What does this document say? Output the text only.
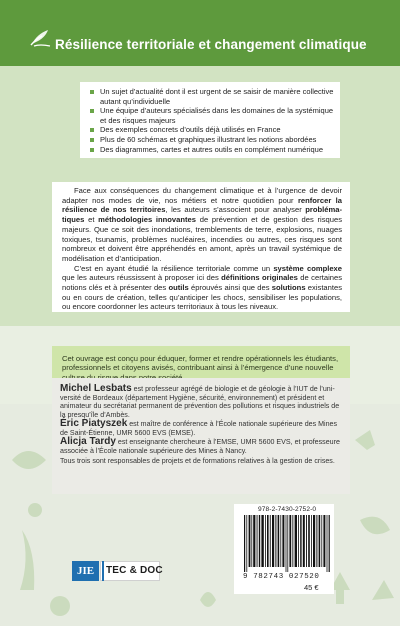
Résilience territoriale et changement climatique
Un sujet d’actualité dont il est urgent de se saisir de manière collective autant qu’individuelle
Une équipe d’auteurs spécialisés dans les domaines de la systémique et des risques majeurs
Des exemples concrets d’outils déjà utilisés en France
Plus de 60 schémas et graphiques illustrant les notions abordées
Des diagrammes, cartes et autres outils en complément numérique

Face aux conséquences du changement climatique et à l’urgence de devoir adapter nos modes de vie, nos métiers et notre quotidien pour renforcer la résilience de nos territoires, les auteurs s’associent pour analyser problématiques et méthodologies innovantes de prévention et de gestion des risques majeurs. Que ce soit des inondations, tremblements de terre, explosions, nuages toxiques, tsunamis, problèmes nucléaires, incendies ou autres, ces risques sont nombreux et doivent être appréhendés en amont, après un travail systémique de modélisation et d’anticipation.

C’est en ayant étudié la résilience territoriale comme un système complexe que les auteurs réussissent à proposer ici des définitions originales de certaines notions clés et à présenter des outils éprouvés ainsi que des solutions existantes ou en cours de création, telles qu’anticiper les chocs, sensibiliser les populations, ou encore coordonner les acteurs territoriaux à tous les niveaux.

Cet ouvrage est conçu pour éduquer, former et rendre opérationnels les étudiants, professionnels et citoyens avisés, contribuant ainsi à l’émergence d’une nouvelle

Michel Lesbats est professeur agrégé de biologie et de géologie à l’IUT de l’université de Bordeaux (département Hygiène, sécurité, environnement) et président et animateur du secrétariat permanent de prévention des pollutions et risques industriels de la presqu’île d’Ambès.

Éric Piatyszek est maître de conférence à l’École nationale supérieure des Mines de Saint-Étienne, UMR 5600 EVS (EMSE).

Alicja Tardy est enseignante chercheure à l’EMSE, UMR 5600 EVS, et professeure associée à l’École nationale supérieure des Mines à Nancy.

Tous trois sont responsables de projets et de formations relatives à la gestion de crises.

JIE	TEC & DOC
978-2-7430-2752-0
9 782743 027520
45 €
